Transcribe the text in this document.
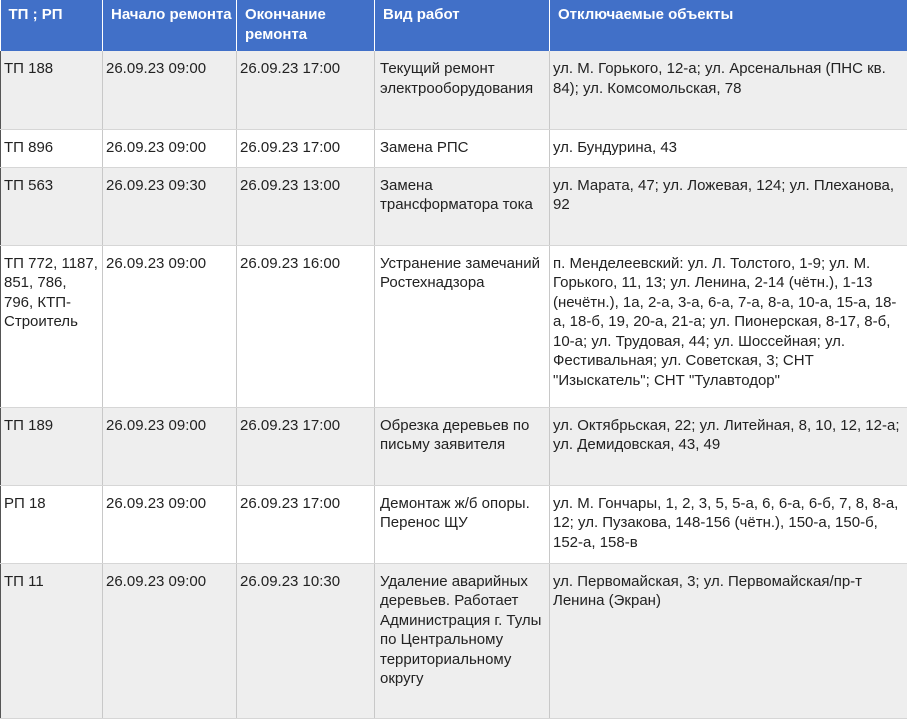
ТП ; РП	Начало ремонта	Окончание ремонта	Вид работ	Отключаемые объекты
ТП 188	26.09.23 09:00	26.09.23 17:00	Текущий ремонт электрооборудования	ул. М. Горького, 12-а; ул. Арсенальная (ПНС кв. 84); ул. Комсомольская, 78
ТП 896	26.09.23 09:00	26.09.23 17:00	Замена РПС	ул. Бундурина, 43
ТП 563	26.09.23 09:30	26.09.23 13:00	Замена трансформатора тока	ул. Марата, 47; ул. Ложевая, 124; ул. Плеханова, 92
ТП 772, 1187, 851, 786, 796, КТП-Строитель	26.09.23 09:00	26.09.23 16:00	Устранение замечаний Ростехнадзора	п. Менделеевский: ул. Л. Толстого, 1-9; ул. М. Горького, 11, 13; ул. Ленина, 2-14 (чётн.), 1-13 (нечётн.), 1а, 2-а, 3-а, 6-а, 7-а, 8-а, 10-а, 15-а, 18-а, 18-б, 19, 20-а, 21-а; ул. Пионерская, 8-17, 8-б, 10-а; ул. Трудовая, 44; ул. Шоссейная; ул. Фестивальная; ул. Советская, 3; СНТ "Изыскатель"; СНТ "Тулавтодор"
ТП 189	26.09.23 09:00	26.09.23 17:00	Обрезка деревьев по письму заявителя	ул. Октябрьская, 22; ул. Литейная, 8, 10, 12, 12-а; ул. Демидовская, 43, 49
РП 18	26.09.23 09:00	26.09.23 17:00	Демонтаж ж/б опоры. Перенос ЩУ	ул. М. Гончары, 1, 2, 3, 5, 5-а, 6, 6-а, 6-б, 7, 8, 8-а, 12; ул. Пузакова, 148-156 (чётн.), 150-а, 150-б, 152-а, 158-в
ТП 11	26.09.23 09:00	26.09.23 10:30	Удаление аварийных деревьев. Работает Администрация г. Тулы по Центральному территориальному округу	ул. Первомайская, 3; ул. Первомайская/пр-т Ленина (Экран)
